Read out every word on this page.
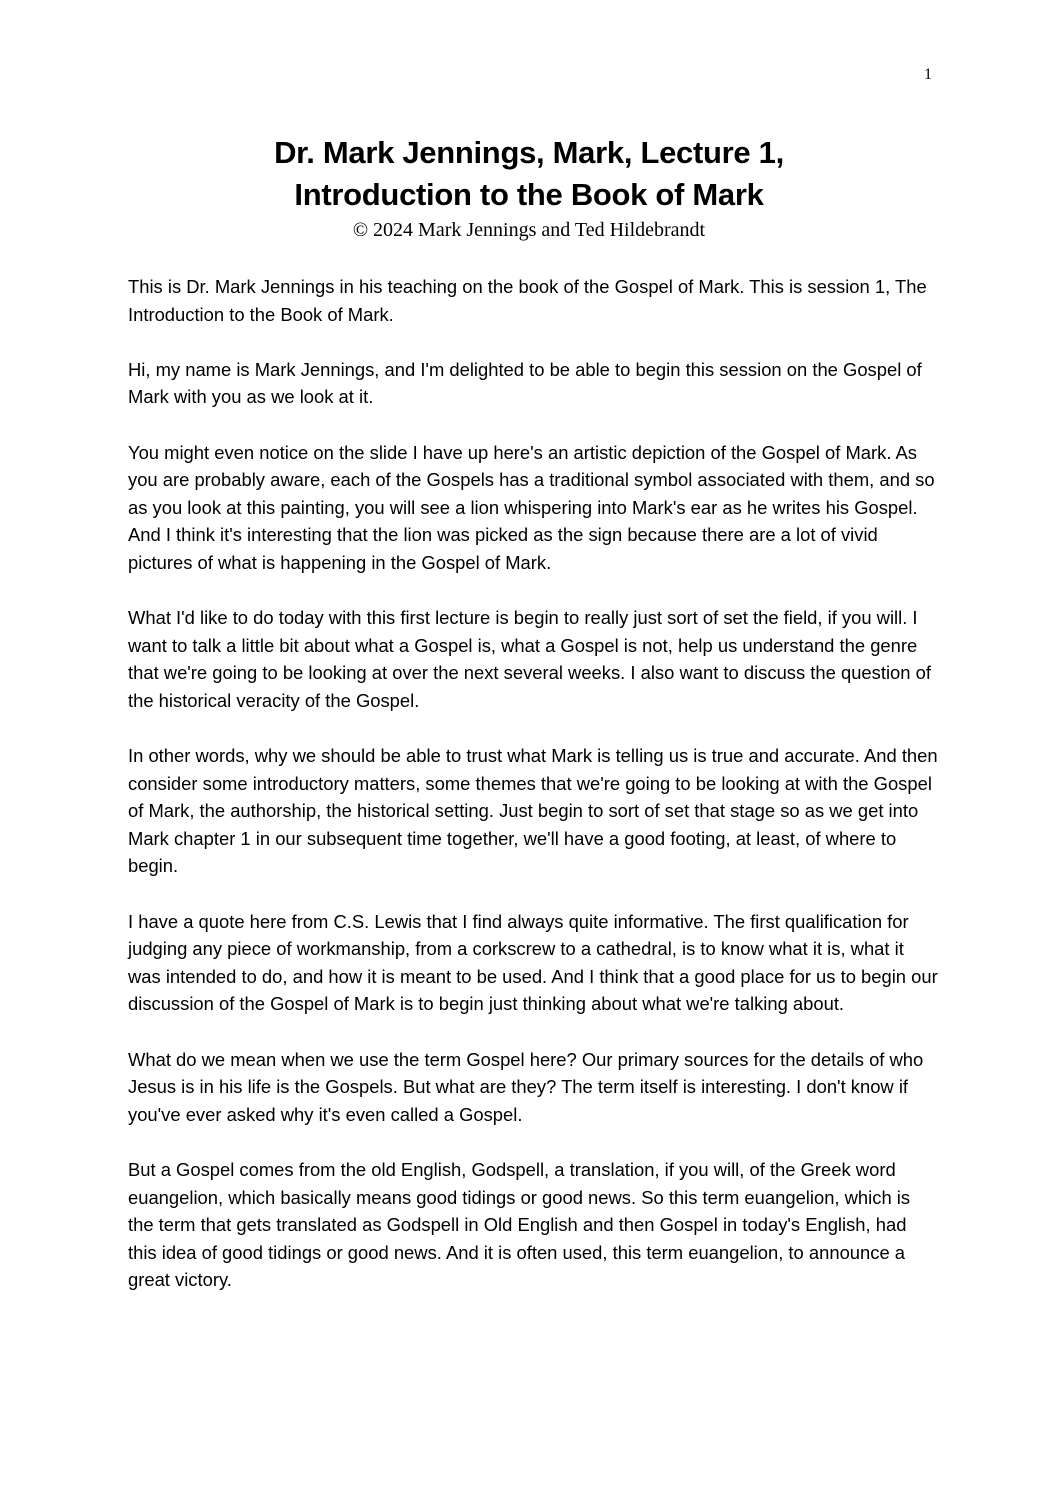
1
Dr. Mark Jennings, Mark, Lecture 1,
Introduction to the Book of Mark
© 2024 Mark Jennings and Ted Hildebrandt

This is Dr. Mark Jennings in his teaching on the book of the Gospel of Mark. This is session 1, The Introduction to the Book of Mark.

Hi, my name is Mark Jennings, and I'm delighted to be able to begin this session on the Gospel of Mark with you as we look at it.

You might even notice on the slide I have up here's an artistic depiction of the Gospel of Mark. As you are probably aware, each of the Gospels has a traditional symbol associated with them, and so as you look at this painting, you will see a lion whispering into Mark's ear as he writes his Gospel. And I think it's interesting that the lion was picked as the sign because there are a lot of vivid pictures of what is happening in the Gospel of Mark.

What I'd like to do today with this first lecture is begin to really just sort of set the field, if you will. I want to talk a little bit about what a Gospel is, what a Gospel is not, help us understand the genre that we're going to be looking at over the next several weeks. I also want to discuss the question of the historical veracity of the Gospel.

In other words, why we should be able to trust what Mark is telling us is true and accurate. And then consider some introductory matters, some themes that we're going to be looking at with the Gospel of Mark, the authorship, the historical setting. Just begin to sort of set that stage so as we get into Mark chapter 1 in our subsequent time together, we'll have a good footing, at least, of where to begin.

I have a quote here from C.S. Lewis that I find always quite informative. The first qualification for judging any piece of workmanship, from a corkscrew to a cathedral, is to know what it is, what it was intended to do, and how it is meant to be used. And I think that a good place for us to begin our discussion of the Gospel of Mark is to begin just thinking about what we're talking about.

What do we mean when we use the term Gospel here? Our primary sources for the details of who Jesus is in his life is the Gospels. But what are they? The term itself is interesting. I don't know if you've ever asked why it's even called a Gospel.

But a Gospel comes from the old English, Godspell, a translation, if you will, of the Greek word euangelion, which basically means good tidings or good news. So this term euangelion, which is the term that gets translated as Godspell in Old English and then Gospel in today's English, had this idea of good tidings or good news. And it is often used, this term euangelion, to announce a great victory.
